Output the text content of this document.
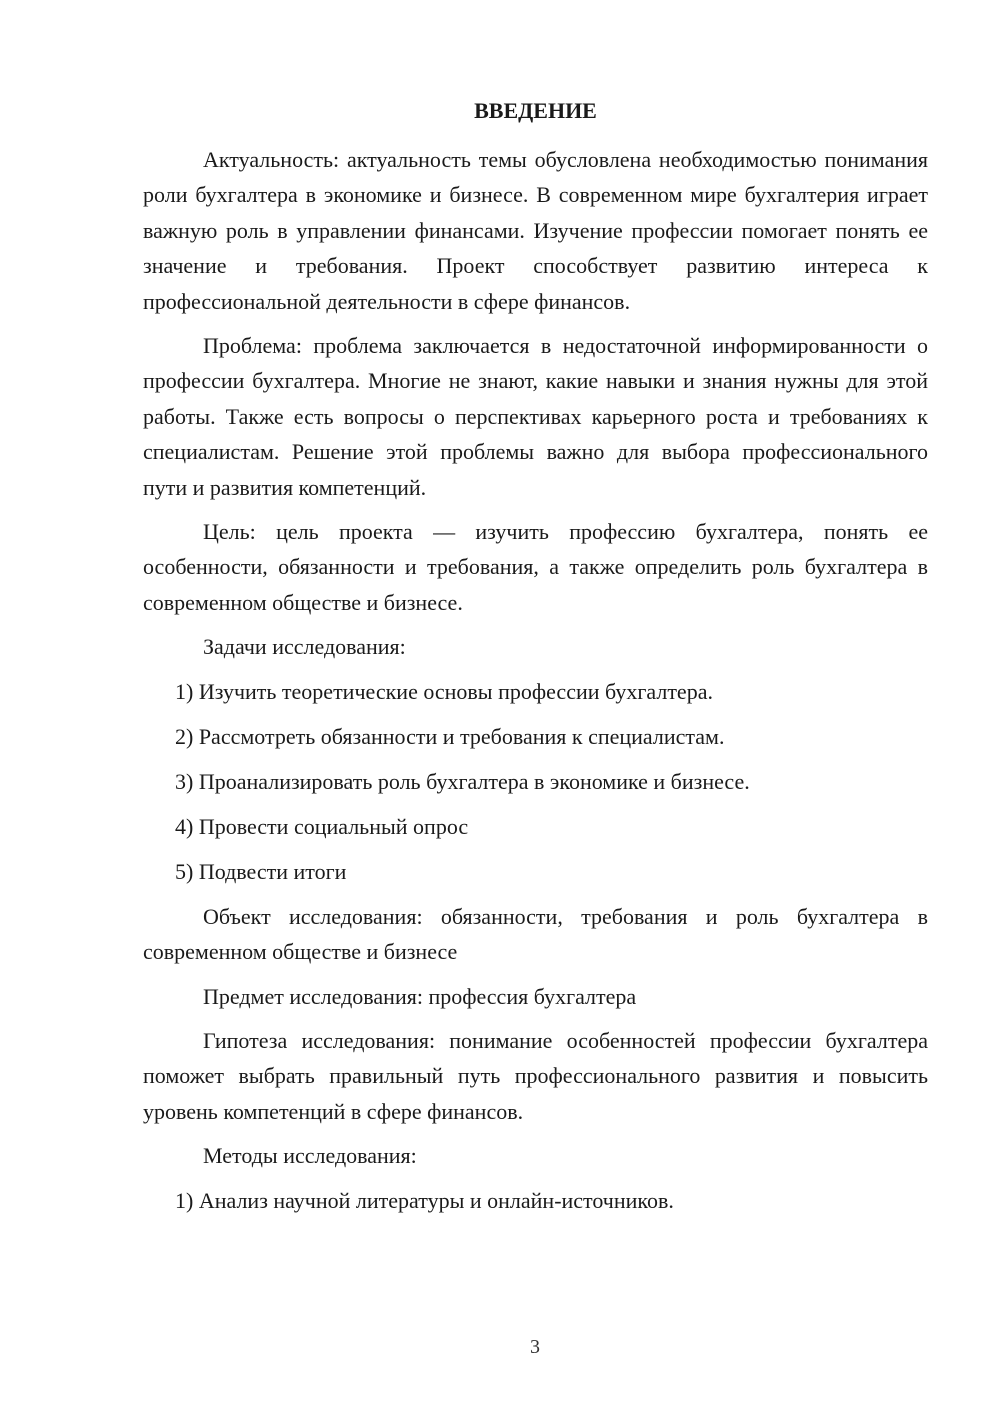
ВВЕДЕНИЕ

Актуальность: актуальность темы обусловлена необходимостью понимания роли бухгалтера в экономике и бизнесе. В современном мире бухгалтерия играет важную роль в управлении финансами. Изучение профессии помогает понять ее значение и требования. Проект способствует развитию интереса к профессиональной деятельности в сфере финансов.

Проблема: проблема заключается в недостаточной информированности о профессии бухгалтера. Многие не знают, какие навыки и знания нужны для этой работы. Также есть вопросы о перспективах карьерного роста и требованиях к специалистам. Решение этой проблемы важно для выбора профессионального пути и развития компетенций.

Цель: цель проекта — изучить профессию бухгалтера, понять ее особенности, обязанности и требования, а также определить роль бухгалтера в современном обществе и бизнесе.

Задачи исследования:

1) Изучить теоретические основы профессии бухгалтера.
2) Рассмотреть обязанности и требования к специалистам.
3) Проанализировать роль бухгалтера в экономике и бизнесе.
4) Провести социальный опрос
5) Подвести итоги

Объект исследования: обязанности, требования и роль бухгалтера в современном обществе и бизнесе

Предмет исследования: профессия бухгалтера

Гипотеза исследования: понимание особенностей профессии бухгалтера поможет выбрать правильный путь профессионального развития и повысить уровень компетенций в сфере финансов.

Методы исследования:

1) Анализ научной литературы и онлайн-источников.
3
